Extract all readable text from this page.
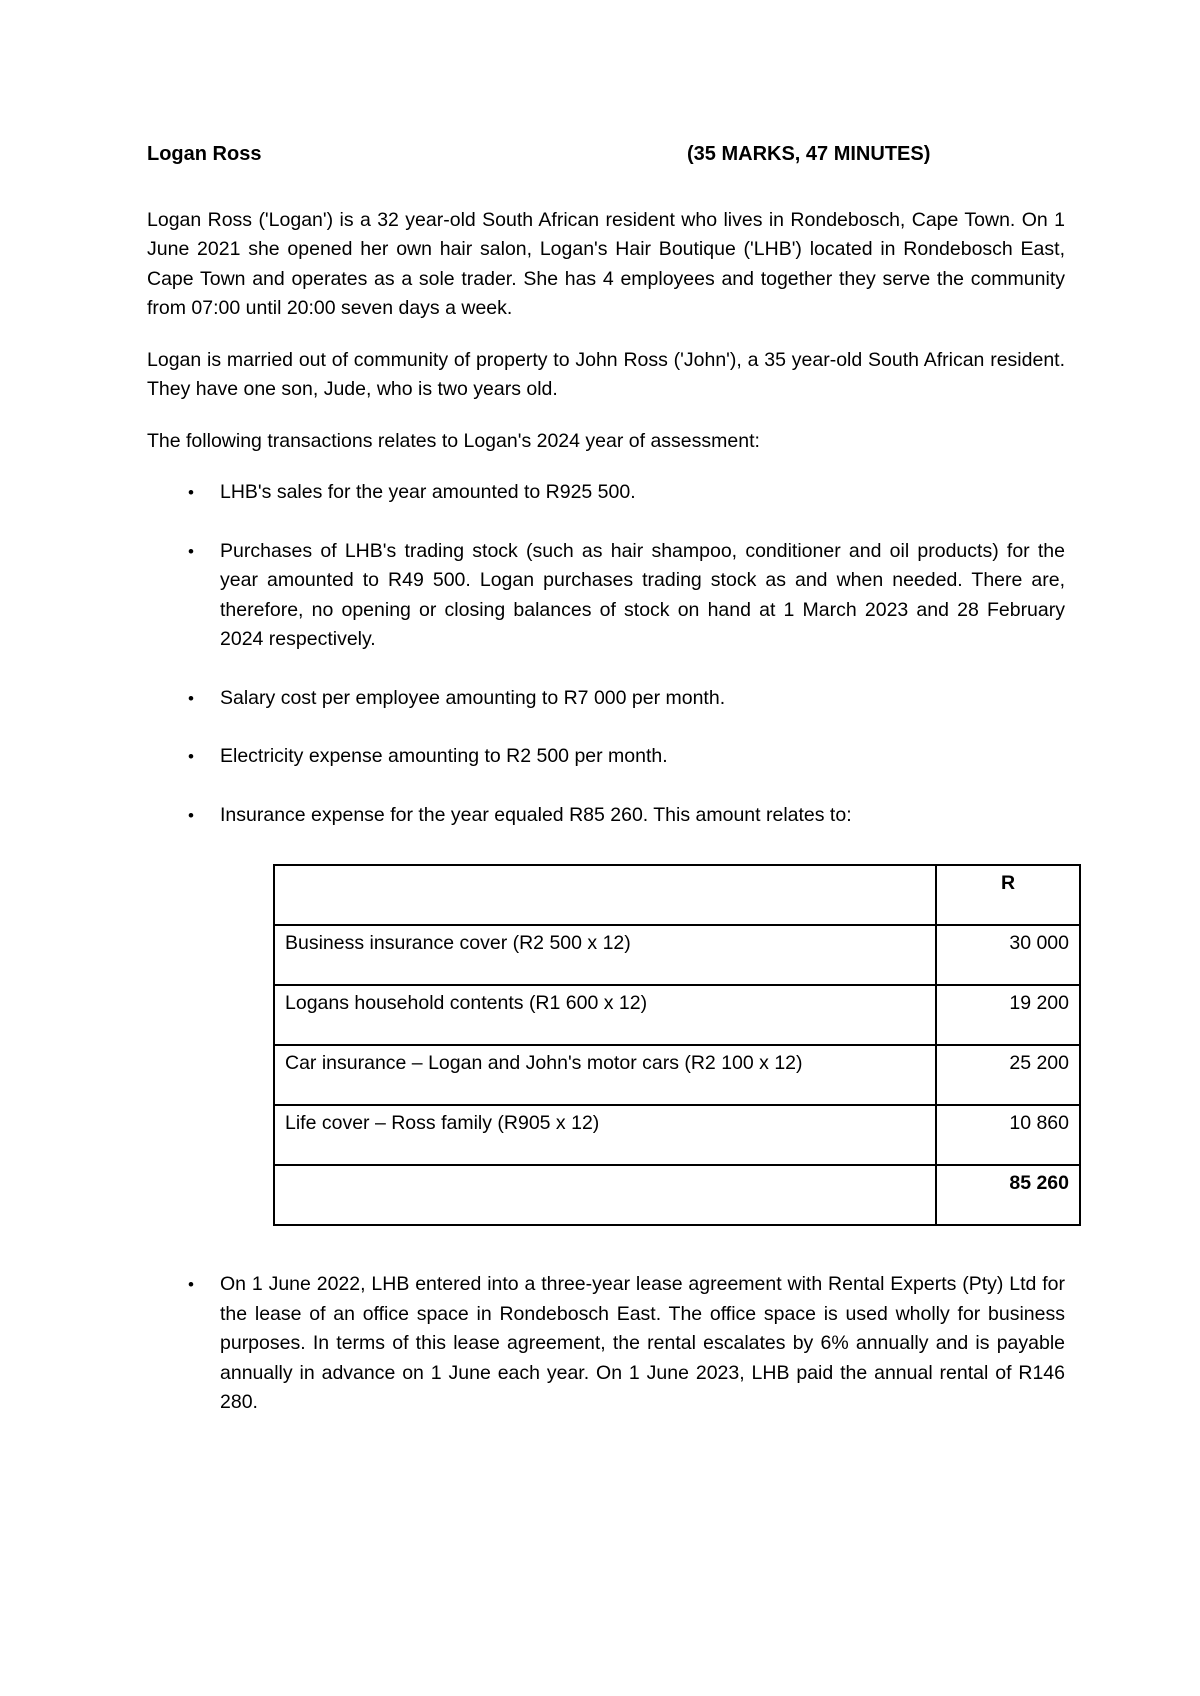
Logan Ross	(35 MARKS, 47 MINUTES)

Logan Ross ('Logan') is a 32 year-old South African resident who lives in Rondebosch, Cape Town. On 1 June 2021 she opened her own hair salon, Logan's Hair Boutique ('LHB') located in Rondebosch East, Cape Town and operates as a sole trader. She has 4 employees and together they serve the community from 07:00 until 20:00 seven days a week.

Logan is married out of community of property to John Ross ('John'), a 35 year-old South African resident. They have one son, Jude, who is two years old.

The following transactions relates to Logan's 2024 year of assessment:

• LHB's sales for the year amounted to R925 500.
• Purchases of LHB's trading stock (such as hair shampoo, conditioner and oil products) for the year amounted to R49 500. Logan purchases trading stock as and when needed. There are, therefore, no opening or closing balances of stock on hand at 1 March 2023 and 28 February 2024 respectively.
• Salary cost per employee amounting to R7 000 per month.
• Electricity expense amounting to R2 500 per month.
• Insurance expense for the year equaled R85 260. This amount relates to:
	R
Business insurance cover (R2 500 x 12)	30 000
Logans household contents (R1 600 x 12)	19 200
Car insurance – Logan and John's motor cars (R2 100 x 12)	25 200
Life cover – Ross family (R905 x 12)	10 860
	85 260
• On 1 June 2022, LHB entered into a three-year lease agreement with Rental Experts (Pty) Ltd for the lease of an office space in Rondebosch East. The office space is used wholly for business purposes. In terms of this lease agreement, the rental escalates by 6% annually and is payable annually in advance on 1 June each year. On 1 June 2023, LHB paid the annual rental of R146 280.
